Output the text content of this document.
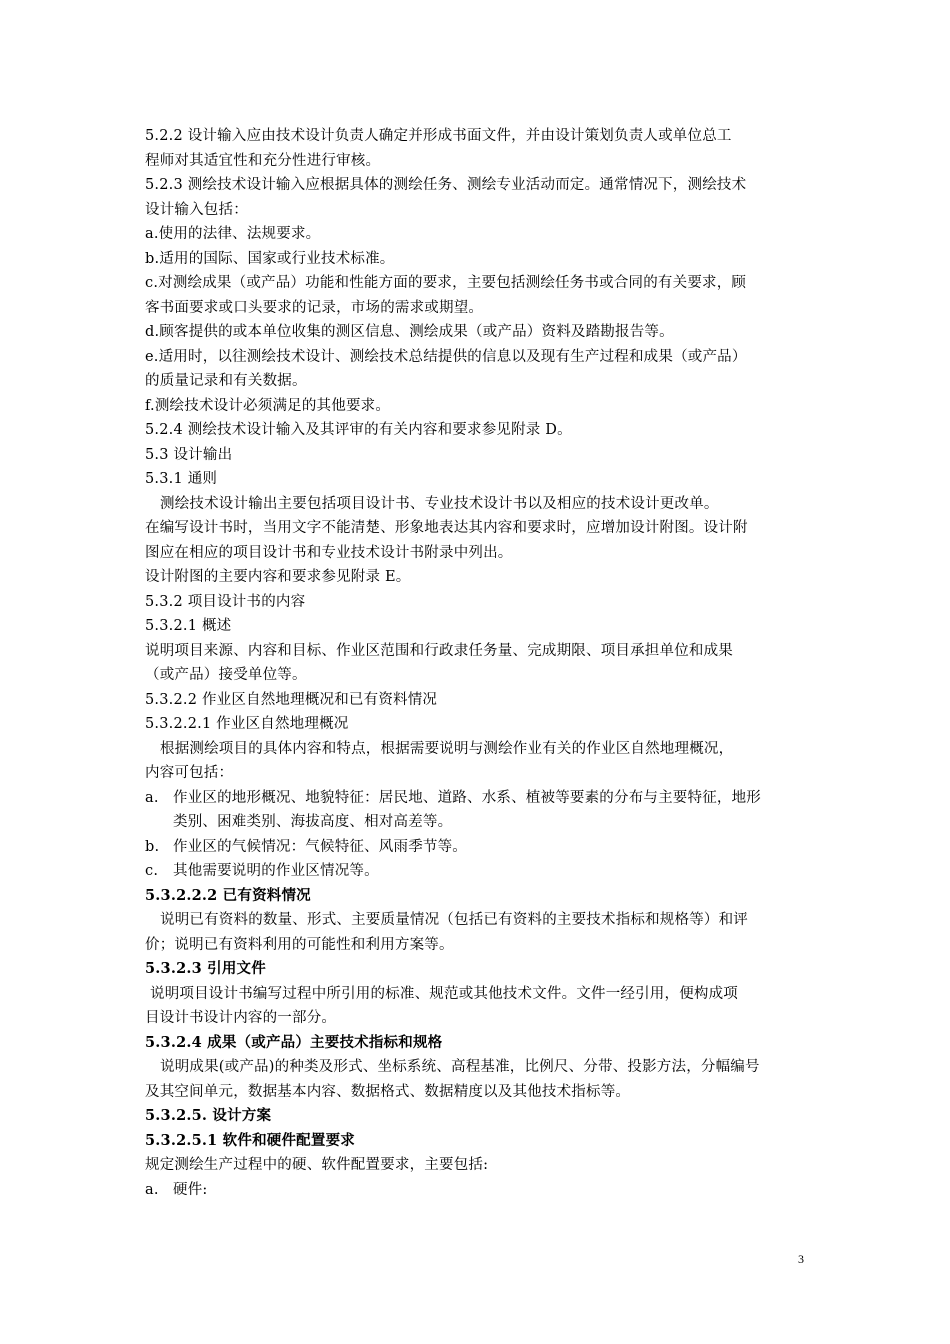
5.2.2 设计输入应由技术设计负责人确定并形成书面文件，并由设计策划负责人或单位总工
程师对其适宜性和充分性进行审核。
5.2.3 测绘技术设计输入应根据具体的测绘任务、测绘专业活动而定。通常情况下，测绘技术
设计输入包括：
a.使用的法律、法规要求。
b.适用的国际、国家或行业技术标准。
c.对测绘成果（或产品）功能和性能方面的要求，主要包括测绘任务书或合同的有关要求，顾
客书面要求或口头要求的记录，市场的需求或期望。
d.顾客提供的或本单位收集的测区信息、测绘成果（或产品）资料及踏勘报告等。
e.适用时，以往测绘技术设计、测绘技术总结提供的信息以及现有生产过程和成果（或产品）
的质量记录和有关数据。
f.测绘技术设计必须满足的其他要求。
5.2.4 测绘技术设计输入及其评审的有关内容和要求参见附录 D。
5.3 设计输出
5.3.1 通则
测绘技术设计输出主要包括项目设计书、专业技术设计书以及相应的技术设计更改单。
在编写设计书时，当用文字不能清楚、形象地表达其内容和要求时，应增加设计附图。设计附
图应在相应的项目设计书和专业技术设计书附录中列出。
设计附图的主要内容和要求参见附录 E。
5.3.2 项目设计书的内容
5.3.2.1 概述
说明项目来源、内容和目标、作业区范围和行政隶任务量、完成期限、项目承担单位和成果
（或产品）接受单位等。
5.3.2.2 作业区自然地理概况和已有资料情况
5.3.2.2.1 作业区自然地理概况
根据测绘项目的具体内容和特点，根据需要说明与测绘作业有关的作业区自然地理概况，
内容可包括：
a. 作业区的地形概况、地貌特征：居民地、道路、水系、植被等要素的分布与主要特征，地形
类别、困难类别、海拔高度、相对高差等。
b. 作业区的气候情况：气候特征、风雨季节等。
c.	其他需要说明的作业区情况等。
5.3.2.2.2 已有资料情况
说明已有资料的数量、形式、主要质量情况（包括已有资料的主要技术指标和规格等）和评
价；说明已有资料利用的可能性和利用方案等。
5.3.2.3 引用文件
说明项目设计书编写过程中所引用的标准、规范或其他技术文件。文件一经引用，便构成项
目设计书设计内容的一部分。
5.3.2.4 成果（或产品）主要技术指标和规格
说明成果(或产品)的种类及形式、坐标系统、高程基准，比例尺、分带、投影方法，分幅编号
及其空间单元，数据基本内容、数据格式、数据精度以及其他技术指标等。
5.3.2.5. 设计方案
5.3.2.5.1 软件和硬件配置要求
规定测绘生产过程中的硬、软件配置要求，主要包括:
a. 硬件:
3
